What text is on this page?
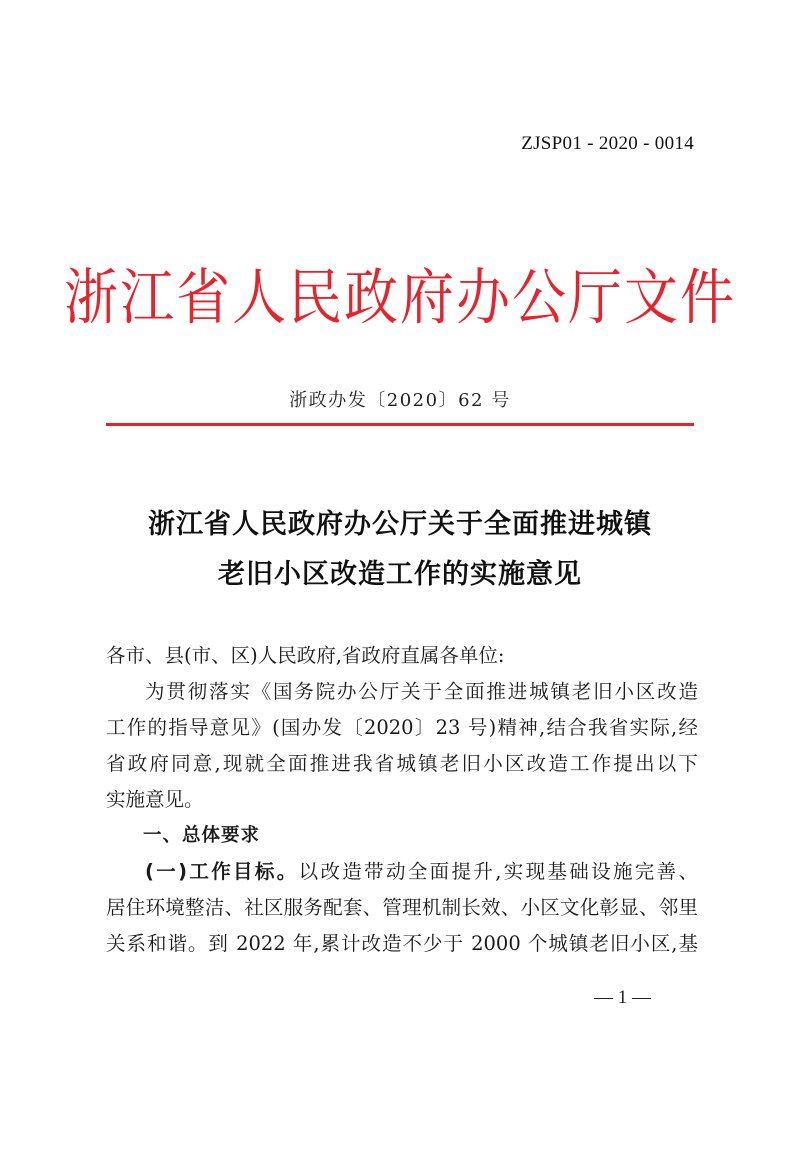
ZJSP01 - 2020 - 0014
浙江省人民政府办公厅文件
浙政办发〔2020〕62 号
浙江省人民政府办公厅关于全面推进城镇
老旧小区改造工作的实施意见

各市、县(市、区)人民政府,省政府直属各单位:

为贯彻落实《国务院办公厅关于全面推进城镇老旧小区改造

工作的指导意见》(国办发〔2020〕23 号)精神,结合我省实际,经

省政府同意,现就全面推进我省城镇老旧小区改造工作提出以下

实施意见。

一、总体要求

(一)工作目标。以改造带动全面提升,实现基础设施完善、

居住环境整洁、社区服务配套、管理机制长效、小区文化彰显、邻里

关系和谐。到 2022 年,累计改造不少于 2000 个城镇老旧小区,基

— 1 —
